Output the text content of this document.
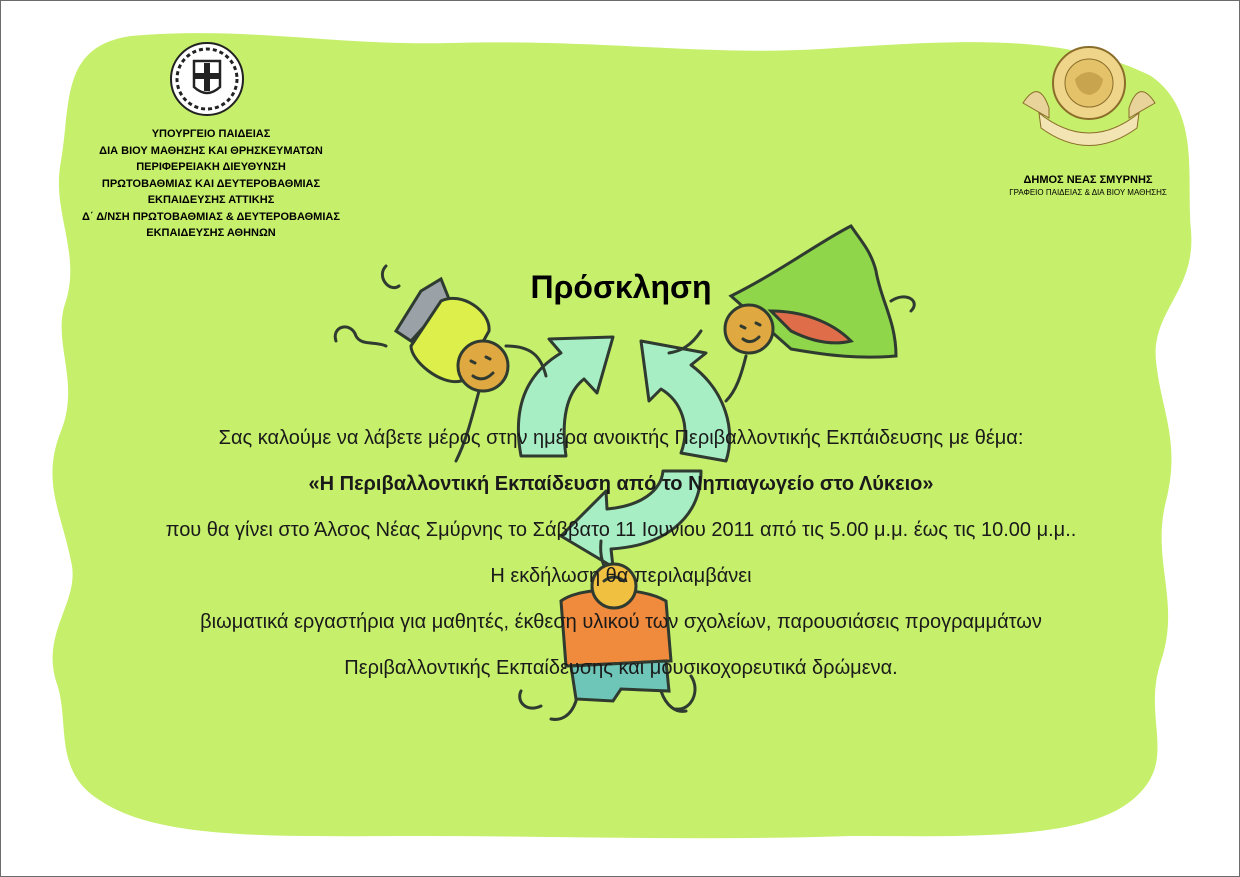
ΥΠΟΥΡΓΕΙΟ ΠΑΙΔΕΙΑΣ
ΔΙΑ ΒΙΟΥ ΜΑΘΗΣΗΣ ΚΑΙ ΘΡΗΣΚΕΥΜΑΤΩΝ
ΠΕΡΙΦΕΡΕΙΑΚΗ ΔΙΕΥΘΥΝΣΗ
ΠΡΩΤΟΒΑΘΜΙΑΣ ΚΑΙ ΔΕΥΤΕΡΟΒΑΘΜΙΑΣ
ΕΚΠΑΙΔΕΥΣΗΣ ΑΤΤΙΚΗΣ
Δ΄ Δ/ΝΣΗ ΠΡΩΤΟΒΑΘΜΙΑΣ & ΔΕΥΤΕΡΟΒΑΘΜΙΑΣ
ΕΚΠΑΙΔΕΥΣΗΣ ΑΘΗΝΩΝ
ΔΗΜΟΣ ΝΕΑΣ ΣΜΥΡΝΗΣ
ΓΡΑΦΕΙΟ ΠΑΙΔΕΙΑΣ & ΔΙΑ ΒΙΟΥ ΜΑΘΗΣΗΣ
Πρόσκληση
Σας καλούμε να λάβετε μέρος στην ημέρα ανοικτής Περιβαλλοντικής Εκπάιδευσης με θέμα:
«Η Περιβαλλοντική Εκπαίδευση από το Νηπιαγωγείο στο Λύκειο»
που θα γίνει στο Άλσος Νέας Σμύρνης το Σάββατο 11 Ιουνιου 2011 από τις 5.00 μ.μ. έως τις 10.00 μ.μ..
Η εκδήλωση θα περιλαμβάνει
βιωματικά εργαστήρια για μαθητές, έκθεση υλικού των σχολείων, παρουσιάσεις προγραμμάτων
Περιβαλλοντικής Εκπαίδευσης και μουσικοχορευτικά δρώμενα.
